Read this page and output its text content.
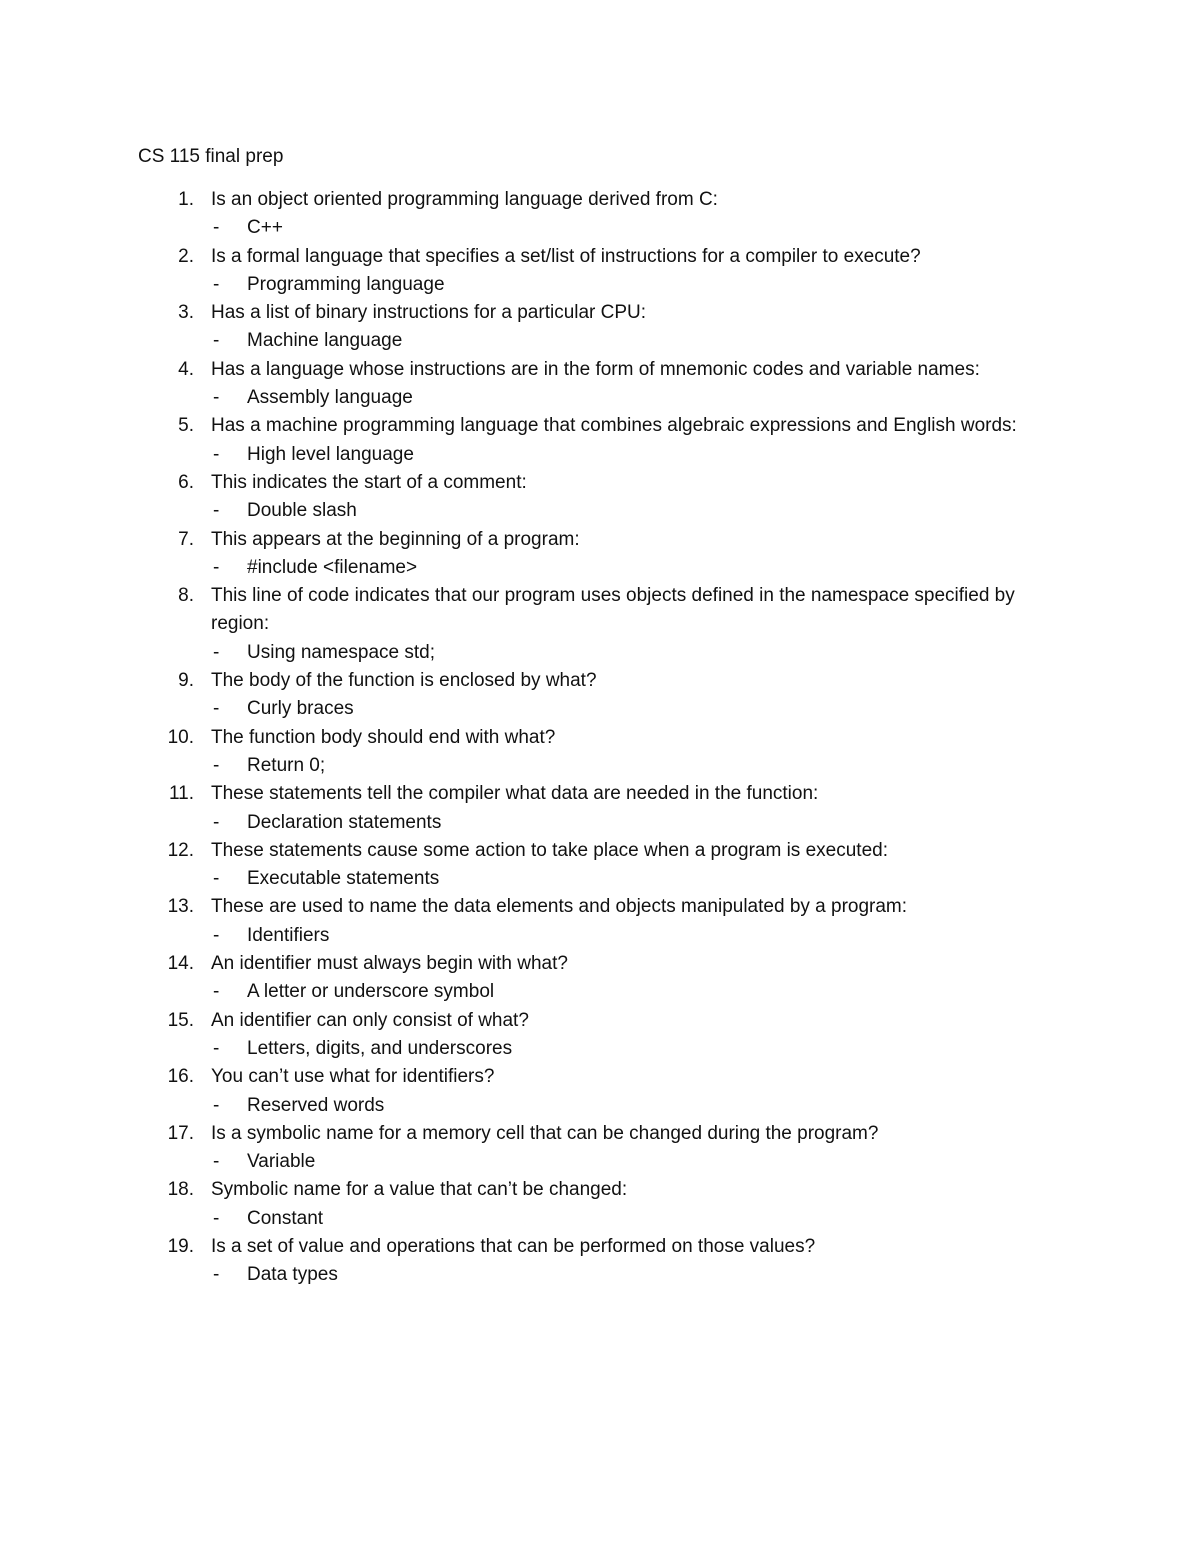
CS 115 final prep
1. Is an object oriented programming language derived from C:
- C++
2. Is a formal language that specifies a set/list of instructions for a compiler to execute?
- Programming language
3. Has a list of binary instructions for a particular CPU:
- Machine language
4. Has a language whose instructions are in the form of mnemonic codes and variable names:
- Assembly language
5. Has a machine programming language that combines algebraic expressions and English words:
- High level language
6. This indicates the start of a comment:
- Double slash
7. This appears at the beginning of a program:
- #include <filename>
8. This line of code indicates that our program uses objects defined in the namespace specified by region:
- Using namespace std;
9. The body of the function is enclosed by what?
- Curly braces
10. The function body should end with what?
- Return 0;
11. These statements tell the compiler what data are needed in the function:
- Declaration statements
12. These statements cause some action to take place when a program is executed:
- Executable statements
13. These are used to name the data elements and objects manipulated by a program:
- Identifiers
14. An identifier must always begin with what?
- A letter or underscore symbol
15. An identifier can only consist of what?
- Letters, digits, and underscores
16. You can’t use what for identifiers?
- Reserved words
17. Is a symbolic name for a memory cell that can be changed during the program?
- Variable
18. Symbolic name for a value that can’t be changed:
- Constant
19. Is a set of value and operations that can be performed on those values?
- Data types
